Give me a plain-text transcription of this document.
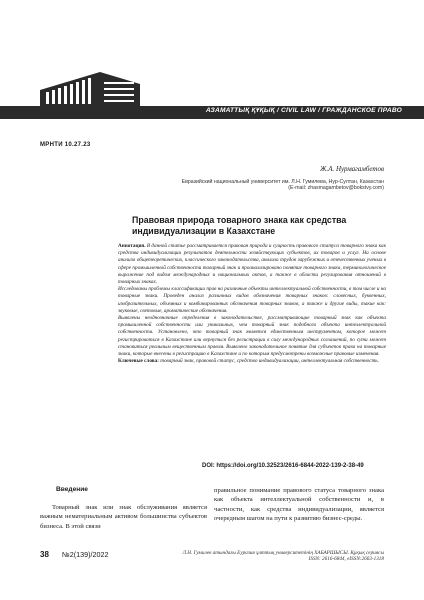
АЗАМАТТЫҚ ҚҰҚЫҚ / CIVIL LAW / ГРАЖДАНСКОЕ ПРАВО
МРНТИ 10.27.23
Ж.А. Нурмагамбетов
Евразийский национальный университет им. Л.Н. Гумилева, Нур-Султан, Казахстан
(E-mail: zhasmagambetov@bokstvy.com)
Правовая природа товарного знака как средства
индивидуализации в Казахстане

Аннотация. В данной статье рассматривается правовая природа и сущность правового статуса товарного знака как средства индивидуализации результатов деятельности хозяйствующих субъектов, их товаров и услуг. На основе анализа общетеоретических, классического законодательства, анализа трудов зарубежных и отечественных ученых в сфере промышленной собственности товарный знак и проанализировано понятие товарного знака, терминологическое выражение под видом международных и национальных актов, а также в области регулирования отношений в товарных знаках.

Исследованы проблемы классификации прав на различные объекты интеллектуальной собственности, в том числе и на товарные знаки. Проведен анализ различных видов обозначения товарных знаков: словесных, буквенных, изобразительных, объемных и комбинированных обозначения товарных знаков, а также и другие виды, такие как: звуковые, световые, ароматические обозначения.

Выявлены неоднозначные определения в законодательстве, рассматривающие товарный знак как объекта промышленной собственности или уникальных, чем товарный знак подобного объекта интеллектуальной собственности. Установлено, что товарный знак является единственным инструментом, которое может регистрироваться в Казахстане или вернуться без регистрации в силу международных соглашений, по сути может становиться реальным вещественным правом. Выявлено законодательное понятие для субъектов права на товарные знаки, которые внесены в регистрацию в Казахстане и по которым предусмотрены возможные правовые изменения.

Ключевые слова: товарный знак, правовой статус, средство индивидуализации, интеллектуальная собственность.

DOI: https://doi.org/10.32523/2616-6844-2022-139-2-38-49
Введение
Товарный знак или знак обслуживания является важным нематериальным активом большинства субъектов бизнеса. В этой связи
правильное понимание правового статуса товарного знака как объекта интеллектуальной собственности и, в частности, как средства индивидуализации, является очередным шагом на пути к развитию бизнес-среды.
38 №2(139)/2022	Л.Н. Гумилев атындағы Еуразия ұлттық университетінің ХАБАРШЫСЫ. Құқық сериясы
ISSN: 2616-6844, eISSN:2663-1318
